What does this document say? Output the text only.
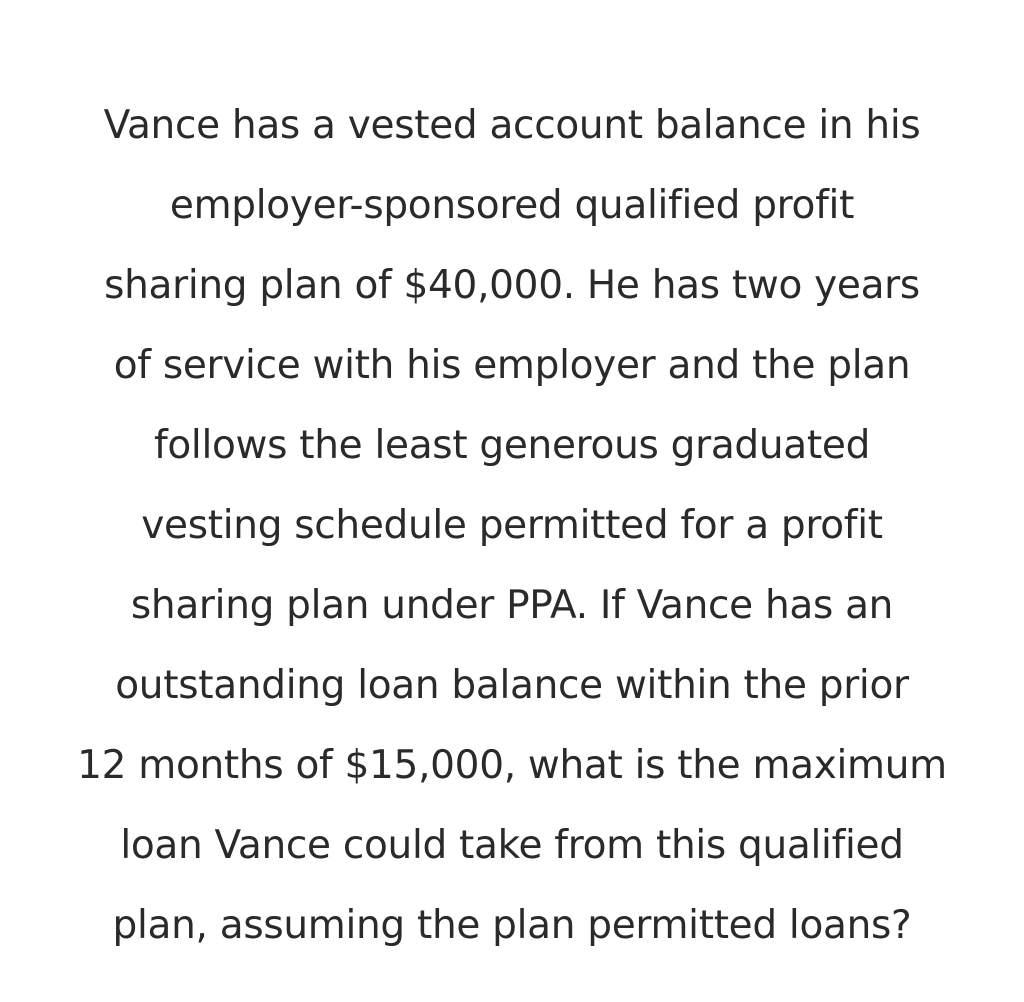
Vance has a vested account balance in his
employer-sponsored qualified profit
sharing plan of $40,000. He has two years
of service with his employer and the plan
follows the least generous graduated
vesting schedule permitted for a profit
sharing plan under PPA. If Vance has an
outstanding loan balance within the prior
12 months of $15,000, what is the maximum
loan Vance could take from this qualified
plan, assuming the plan permitted loans?
